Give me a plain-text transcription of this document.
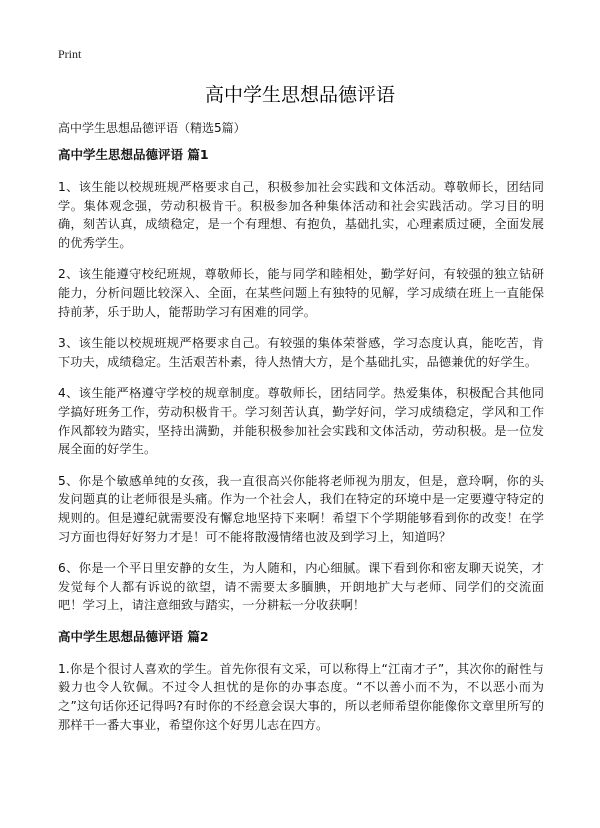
Print
高中学生思想品德评语
高中学生思想品德评语（精选5篇）
高中学生思想品德评语 篇1

1、该生能以校规班规严格要求自己，积极参加社会实践和文体活动。尊敬师长，团结同学。集体观念强，劳动积极肯干。积极参加各种集体活动和社会实践活动。学习目的明确，刻苦认真，成绩稳定，是一个有理想、有抱负，基础扎实，心理素质过硬，全面发展的优秀学生。

2、该生能遵守校纪班规，尊敬师长，能与同学和睦相处，勤学好问，有较强的独立钻研能力，分析问题比较深入、全面，在某些问题上有独特的见解，学习成绩在班上一直能保持前茅，乐于助人，能帮助学习有困难的同学。

3、该生能以校规班规严格要求自己。有较强的集体荣誉感，学习态度认真，能吃苦，肯下功夫，成绩稳定。生活艰苦朴素，待人热情大方，是个基础扎实，品德兼优的好学生。

4、该生能严格遵守学校的规章制度。尊敬师长，团结同学。热爱集体，积极配合其他同学搞好班务工作，劳动积极肯干。学习刻苦认真，勤学好问，学习成绩稳定，学风和工作作风都较为踏实，坚持出满勤，并能积极参加社会实践和文体活动，劳动积极。是一位发展全面的好学生。

5、你是个敏感单纯的女孩，我一直很高兴你能将老师视为朋友，但是，意玲啊，你的头发问题真的让老师很是头痛。作为一个社会人，我们在特定的环境中是一定要遵守特定的规则的。但是遵纪就需要没有懈怠地坚持下来啊！希望下个学期能够看到你的改变！在学习方面也得好好努力才是！可不能将散漫情绪也波及到学习上，知道吗？

6、你是一个平日里安静的女生，为人随和，内心细腻。课下看到你和密友聊天说笑，才发觉每个人都有诉说的欲望，请不需要太多腼腆，开朗地扩大与老师、同学们的交流面吧！学习上，请注意细致与踏实，一分耕耘一分收获啊！

高中学生思想品德评语 篇2

1.你是个很讨人喜欢的学生。首先你很有文采，可以称得上“江南才子”，其次你的耐性与毅力也令人钦佩。不过令人担忧的是你的办事态度。“不以善小而不为，不以恶小而为之”这句话你还记得吗?有时你的不经意会误大事的，所以老师希望你能像你文章里所写的那样干一番大事业，希望你这个好男儿志在四方。
